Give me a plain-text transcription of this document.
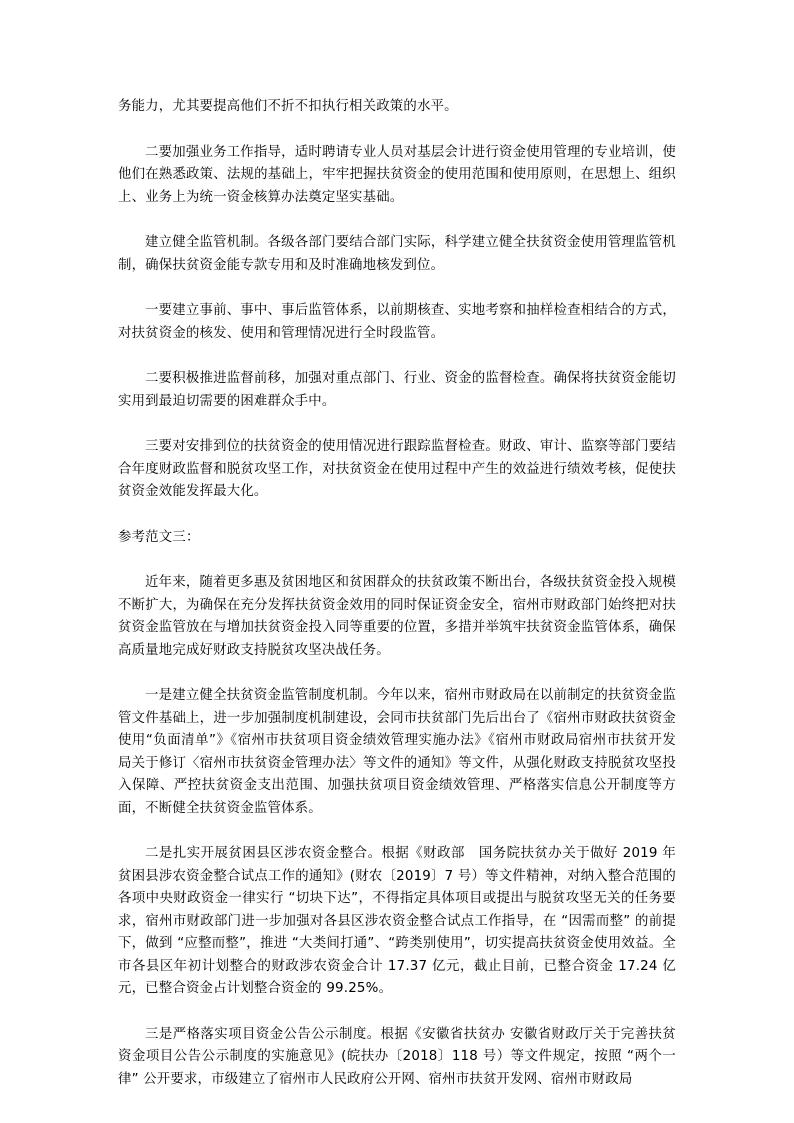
务能力，尤其要提高他们不折不扣执行相关政策的水平。

二要加强业务工作指导，适时聘请专业人员对基层会计进行资金使用管理的专业培训，使他们在熟悉政策、法规的基础上，牢牢把握扶贫资金的使用范围和使用原则，在思想上、组织上、业务上为统一资金核算办法奠定坚实基础。

建立健全监管机制。各级各部门要结合部门实际，科学建立健全扶贫资金使用管理监管机制，确保扶贫资金能专款专用和及时准确地核发到位。

一要建立事前、事中、事后监管体系，以前期核查、实地考察和抽样检查相结合的方式，对扶贫资金的核发、使用和管理情况进行全时段监管。

二要积极推进监督前移，加强对重点部门、行业、资金的监督检查。确保将扶贫资金能切实用到最迫切需要的困难群众手中。

三要对安排到位的扶贫资金的使用情况进行跟踪监督检查。财政、审计、监察等部门要结合年度财政监督和脱贫攻坚工作，对扶贫资金在使用过程中产生的效益进行绩效考核，促使扶贫资金效能发挥最大化。

参考范文三：

近年来，随着更多惠及贫困地区和贫困群众的扶贫政策不断出台，各级扶贫资金投入规模不断扩大，为确保在充分发挥扶贫资金效用的同时保证资金安全，宿州市财政部门始终把对扶贫资金监管放在与增加扶贫资金投入同等重要的位置，多措并举筑牢扶贫资金监管体系，确保高质量地完成好财政支持脱贫攻坚决战任务。

一是建立健全扶贫资金监管制度机制。今年以来，宿州市财政局在以前制定的扶贫资金监管文件基础上，进一步加强制度机制建设，会同市扶贫部门先后出台了《宿州市财政扶贫资金使用“负面清单”》《宿州市扶贫项目资金绩效管理实施办法》《宿州市财政局宿州市扶贫开发局关于修订〈宿州市扶贫资金管理办法〉等文件的通知》等文件，从强化财政支持脱贫攻坚投入保障、严控扶贫资金支出范围、加强扶贫项目资金绩效管理、严格落实信息公开制度等方面，不断健全扶贫资金监管体系。

二是扎实开展贫困县区涉农资金整合。根据《财政部　国务院扶贫办关于做好 2019 年贫困县涉农资金整合试点工作的通知》(财农〔2019〕7 号）等文件精神，对纳入整合范围的各项中央财政资金一律实行 “切块下达”，不得指定具体项目或提出与脱贫攻坚无关的任务要求，宿州市财政部门进一步加强对各县区涉农资金整合试点工作指导，在 “因需而整” 的前提下，做到 “应整而整”，推进 “大类间打通”、“跨类别使用”，切实提高扶贫资金使用效益。全市各县区年初计划整合的财政涉农资金合计 17.37 亿元，截止目前，已整合资金 17.24 亿元，已整合资金占计划整合资金的 99.25%。

三是严格落实项目资金公告公示制度。根据《安徽省扶贫办 安徽省财政厅关于完善扶贫资金项目公告公示制度的实施意见》(皖扶办〔2018〕118 号）等文件规定，按照 “两个一律” 公开要求，市级建立了宿州市人民政府公开网、宿州市扶贫开发网、宿州市财政局
